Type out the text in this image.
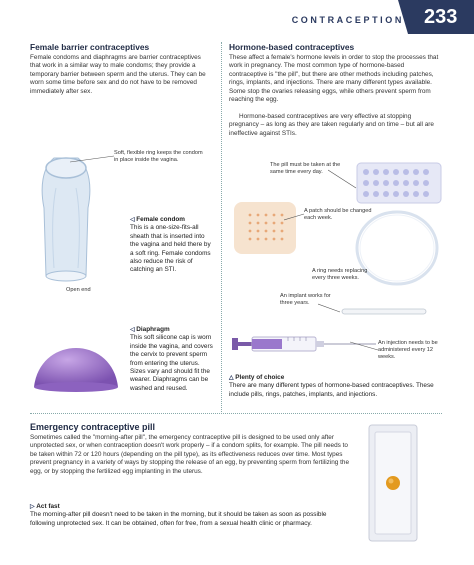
CONTRACEPTION	233
Female barrier contraceptives
Female condoms and diaphragms are barrier contraceptives that work in a similar way to male condoms; they provide a temporary barrier between sperm and the uterus. They can be worn some time before sex and do not have to be removed immediately after sex.
Soft, flexible ring keeps the condom in place inside the vagina.
Open end
◁ Female condom
This is a one-size-fits-all sheath that is inserted into the vagina and held there by a soft ring. Female condoms also reduce the risk of catching an STI.
◁ Diaphragm
This soft silicone cap is worn inside the vagina, and covers the cervix to prevent sperm from entering the uterus. Sizes vary and should fit the wearer. Diaphragms can be washed and reused.
Hormone-based contraceptives
These affect a female's hormone levels in order to stop the processes that work in pregnancy. The most common type of hormone-based contraceptive is "the pill", but there are other methods including patches, rings, implants, and injections. There are many different types available. Some stop the ovaries releasing eggs, while others prevent sperm from reaching the egg.
Hormone-based contraceptives are very effective at stopping pregnancy – as long as they are taken regularly and on time – but all are ineffective against STIs.
The pill must be taken at the same time every day.
A patch should be changed each week.
A ring needs replacing every three weeks.
An implant works for three years.
An injection needs to be administered every 12 weeks.
△ Plenty of choice
There are many different types of hormone-based contraceptives. These include pills, rings, patches, implants, and injections.
Emergency contraceptive pill
Sometimes called the "morning-after pill", the emergency contraceptive pill is designed to be used only after unprotected sex, or when contraception doesn't work properly – if a condom splits, for example. The pill needs to be taken within 72 or 120 hours (depending on the pill type), as its effectiveness reduces over time. Most types prevent pregnancy in a variety of ways by stopping the release of an egg, by preventing sperm from fertilizing the egg, or by stopping the fertilized egg implanting in the uterus.
▷ Act fast
The morning-after pill doesn't need to be taken in the morning, but it should be taken as soon as possible following unprotected sex. It can be obtained, often for free, from a sexual health clinic or pharmacy.
